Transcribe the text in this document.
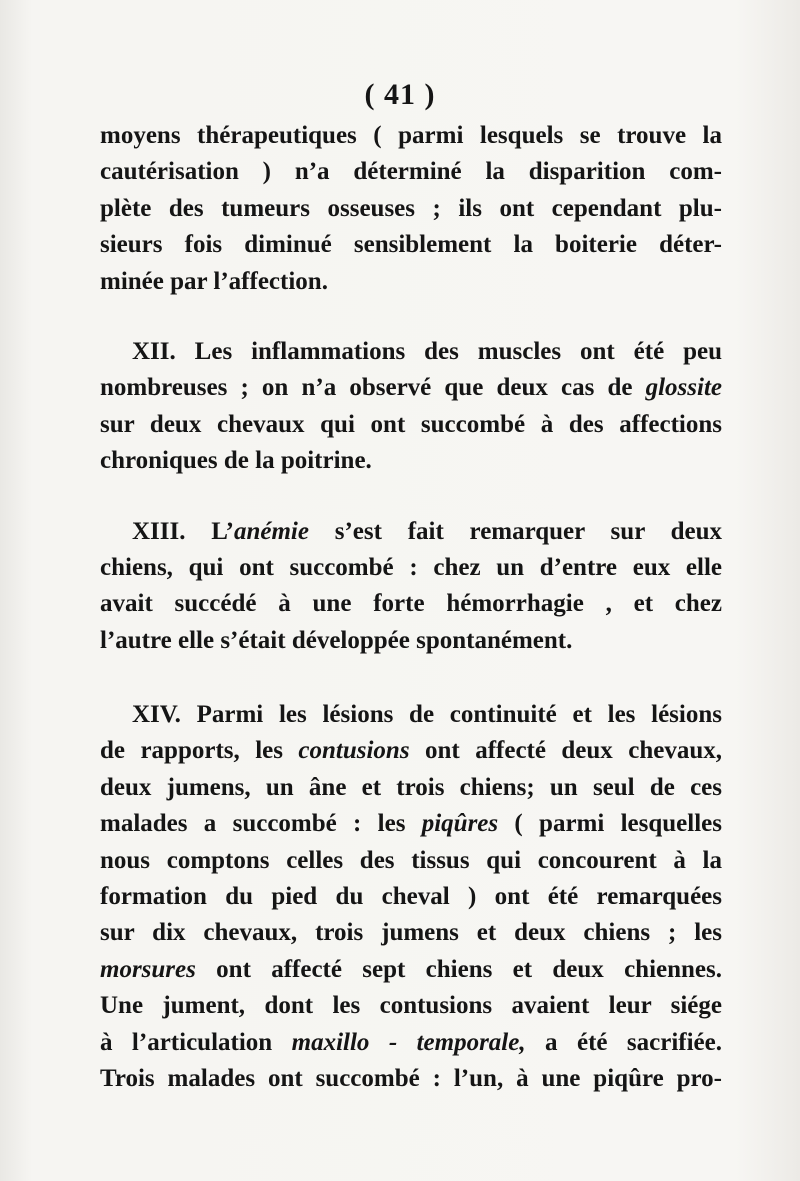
( 41 )
moyens thérapeutiques ( parmi lesquels se trouve la
cautérisation ) n’a déterminé la disparition com-
plète des tumeurs osseuses ; ils ont cependant plu-
sieurs fois diminué sensiblement la boiterie déter-
minée par l’affection.
XII. Les inflammations des muscles ont été peu
nombreuses ; on n’a observé que deux cas de glossite
sur deux chevaux qui ont succombé à des affections
chroniques de la poitrine.
XIII. L’anémie s’est fait remarquer sur deux
chiens, qui ont succombé : chez un d’entre eux elle
avait succédé à une forte hémorrhagie , et chez
l’autre elle s’était développée spontanément.
XIV. Parmi les lésions de continuité et les lésions
de rapports, les contusions ont affecté deux chevaux,
deux jumens, un âne et trois chiens; un seul de ces
malades a succombé : les piqûres ( parmi lesquelles
nous comptons celles des tissus qui concourent à la
formation du pied du cheval ) ont été remarquées
sur dix chevaux, trois jumens et deux chiens ; les
morsures ont affecté sept chiens et deux chiennes.
Une jument, dont les contusions avaient leur siége
à l’articulation maxillo - temporale, a été sacrifiée.
Trois malades ont succombé : l’un, à une piqûre pro-
